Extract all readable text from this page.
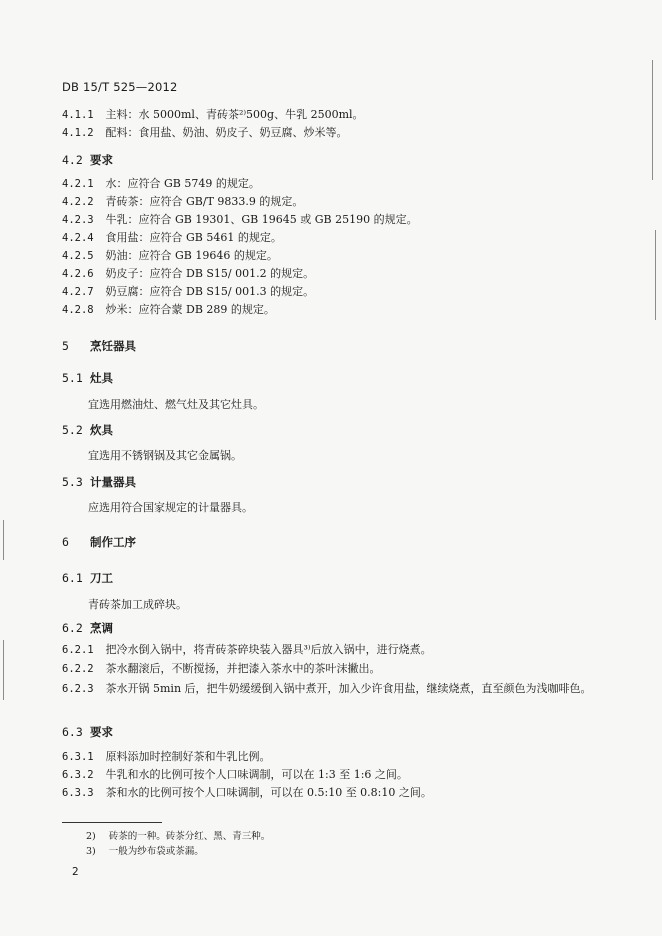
DB 15/T 525—2012
4.1.1 主料：水 5000ml、青砖茶²⁾500g、牛乳 2500ml。
4.1.2 配料：食用盐、奶油、奶皮子、奶豆腐、炒米等。
4.2 要求
4.2.1 水：应符合 GB 5749 的规定。
4.2.2 青砖茶：应符合 GB/T 9833.9 的规定。
4.2.3 牛乳：应符合 GB 19301、GB 19645 或 GB 25190 的规定。
4.2.4 食用盐：应符合 GB 5461 的规定。
4.2.5 奶油：应符合 GB 19646 的规定。
4.2.6 奶皮子：应符合 DB S15/ 001.2 的规定。
4.2.7 奶豆腐：应符合 DB S15/ 001.3 的规定。
4.2.8 炒米：应符合蒙 DB 289 的规定。
5 烹饪器具
5.1 灶具
宜选用燃油灶、燃气灶及其它灶具。
5.2 炊具
宜选用不锈钢锅及其它金属锅。
5.3 计量器具
应选用符合国家规定的计量器具。
6 制作工序
6.1 刀工
青砖茶加工成碎块。
6.2 烹调
6.2.1 把冷水倒入锅中，将青砖茶碎块装入器具³⁾后放入锅中，进行烧煮。
6.2.2 茶水翻滚后，不断搅扬，并把漆入茶水中的茶叶沫撇出。
6.2.3 茶水开锅 5min 后，把牛奶缓缓倒入锅中煮开，加入少许食用盐，继续烧煮，直至颜色为浅咖啡色。
6.3 要求
6.3.1 原料添加时控制好茶和牛乳比例。
6.3.2 牛乳和水的比例可按个人口味调制，可以在 1:3 至 1:6 之间。
6.3.3 茶和水的比例可按个人口味调制，可以在 0.5:10 至 0.8:10 之间。
2) 砖茶的一种。砖茶分红、黑、青三种。
3) 一般为纱布袋或茶漏。
2
